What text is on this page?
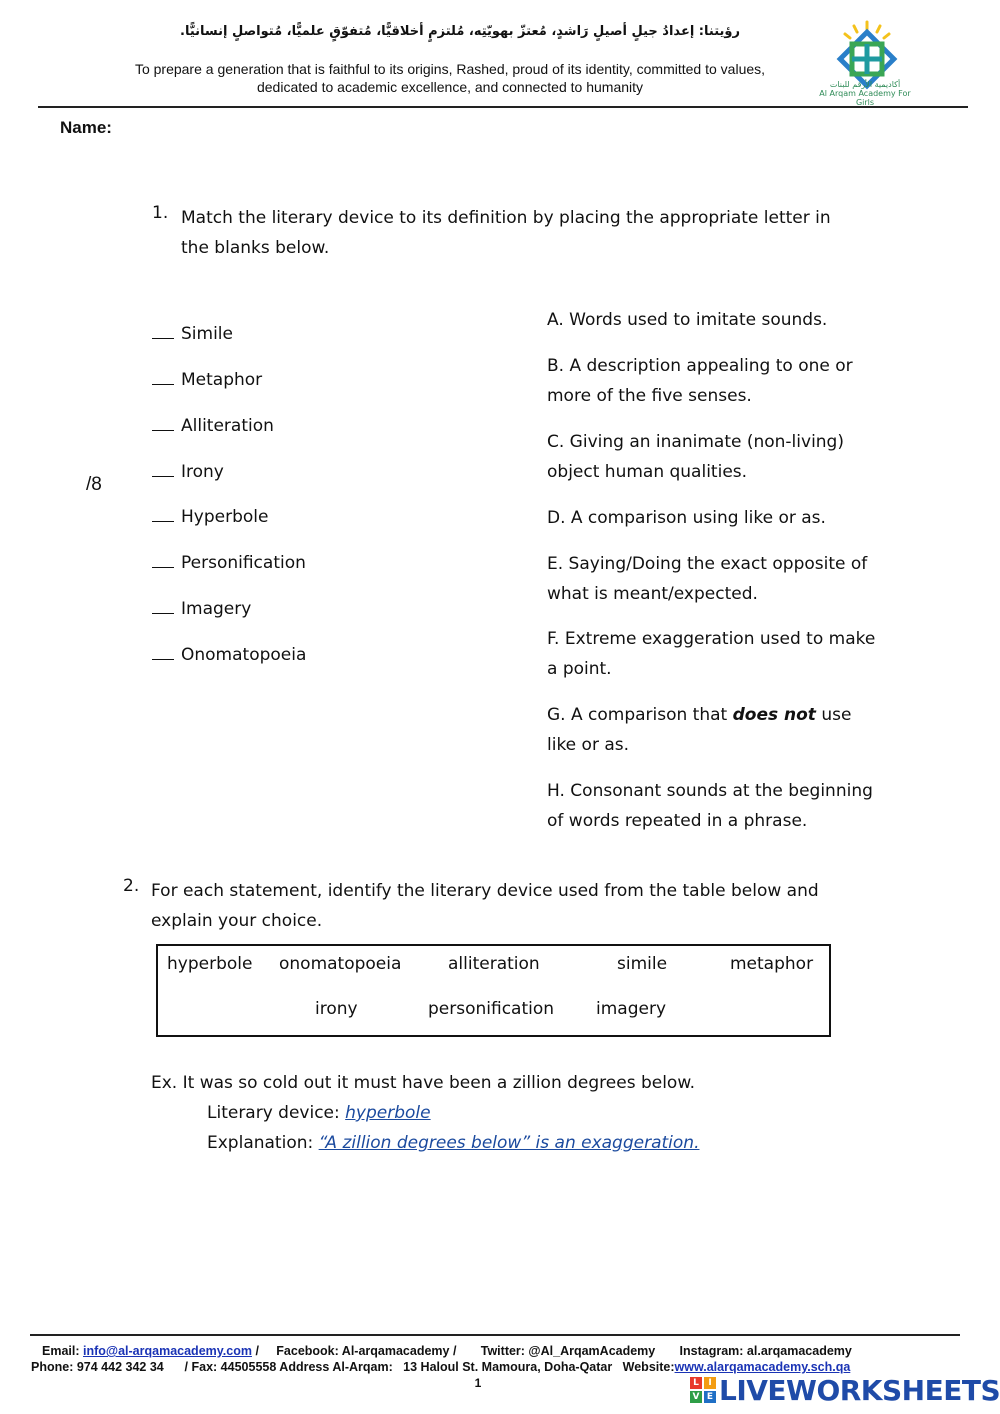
رؤيتنا: إعدادُ جيلٍ أصيلٍ رَاشدٍ، مُعتزّ بهويّتِه، مُلتزمٍ أخلاقيًّا، مُتفوّقٍ علميًّا، مُتواصلٍ إنسانيًّا.
To prepare a generation that is faithful to its origins, Rashed, proud of its identity, committed to values,
dedicated to academic excellence, and connected to humanity	أكاديمية الأرقم للبنات
Al Arqam Academy For Girls
Name:
1. Match the literary device to its definition by placing the appropriate letter in
the blanks below.
Simile
Metaphor
Alliteration
Irony
Hyperbole
Personification
Imagery
Onomatopoeia
/8
A. Words used to imitate sounds.
B. A description appealing to one or
more of the five senses.
C. Giving an inanimate (non-living)
object human qualities.
D. A comparison using like or as.
E. Saying/Doing the exact opposite of
what is meant/expected.
F. Extreme exaggeration used to make
a point.
G. A comparison that does not use
like or as.
H. Consonant sounds at the beginning
of words repeated in a phrase.
2. For each statement, identify the literary device used from the table below and
explain your choice.
hyperbole onomatopoeia	alliteration	simile	metaphor
irony	personification imagery
Ex. It was so cold out it must have been a zillion degrees below.
Literary device: hyperbole
Explanation: “A zillion degrees below” is an exaggeration.
Email: info@al-arqamacademy.com /     Facebook: Al-arqamacademy /       Twitter: @Al_ArqamAcademy       Instagram: al.arqamacademy
Phone: 974 442 342 34      / Fax: 44505558 Address Al-Arqam:   13 Haloul St. Mamoura, Doha-Qatar   Website:www.alarqamacademy.sch.qa
1	L	I
V E LIVEWORKSHEETS
